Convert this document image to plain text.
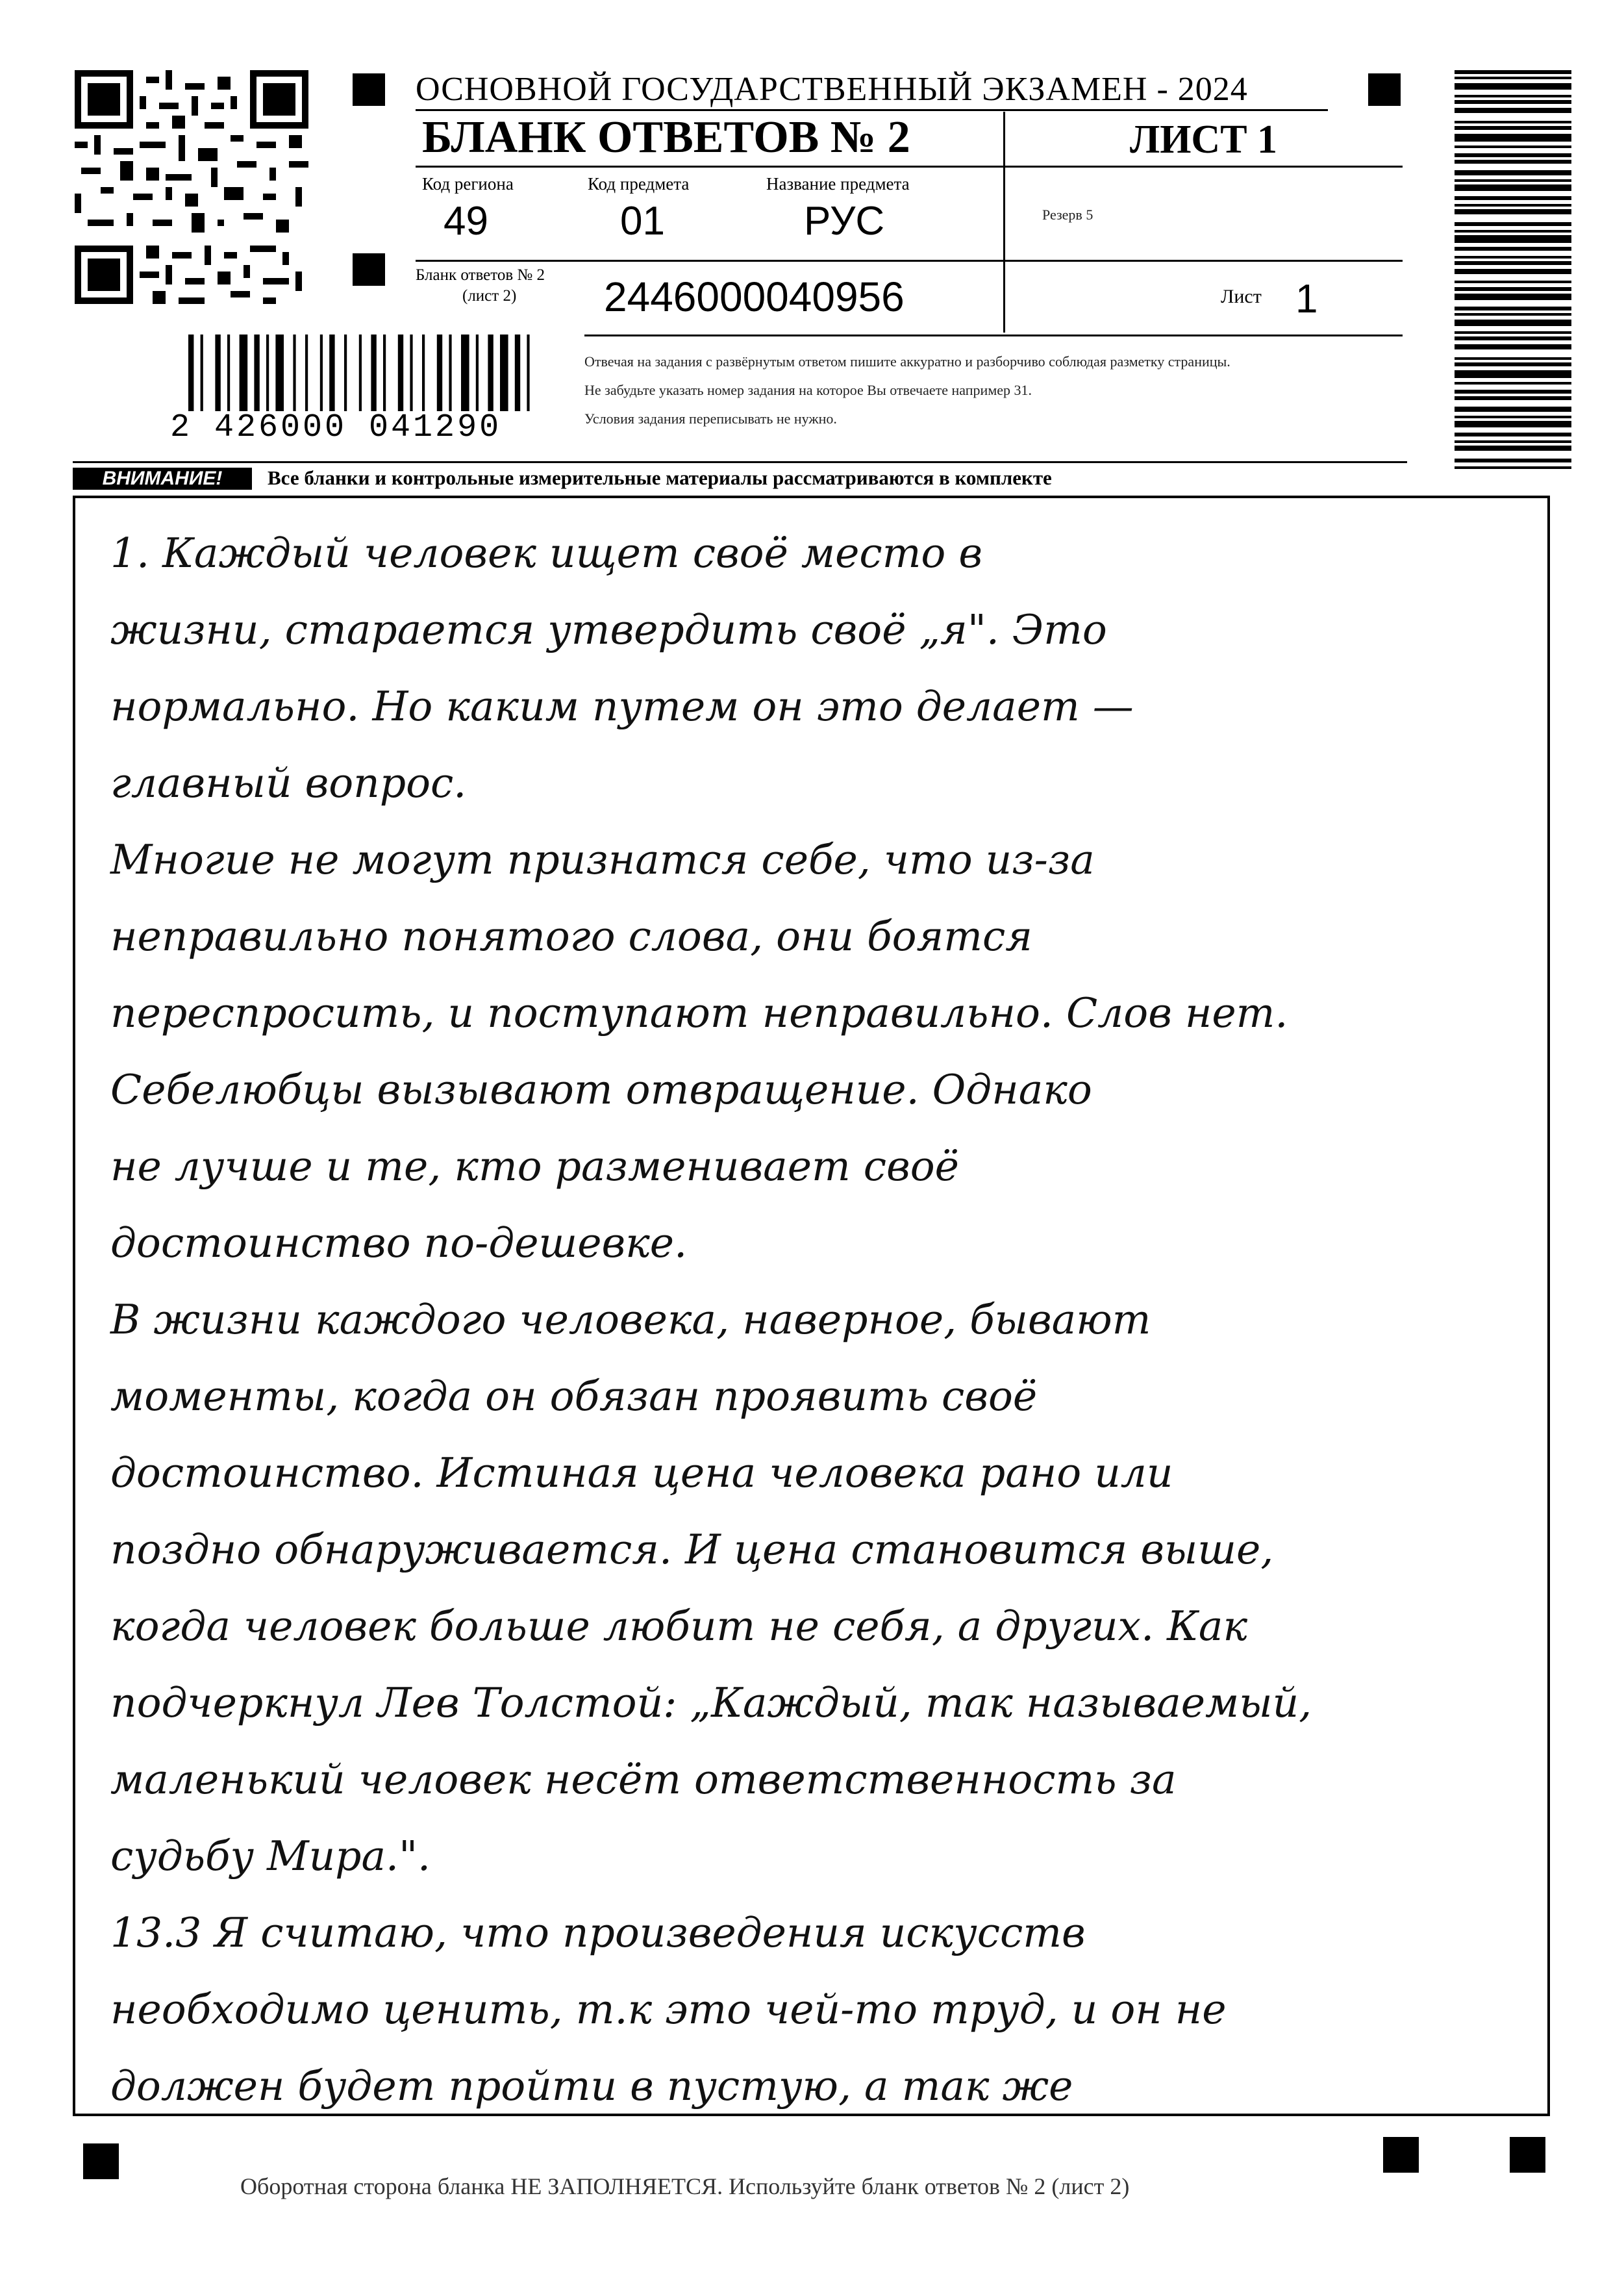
ОСНОВНОЙ ГОСУДАРСТВЕННЫЙ ЭКЗАМЕН - 2024
БЛАНК ОТВЕТОВ № 2	ЛИСТ 1
Код региона
49
Код предмета
01
Название предмета
РУС	Резерв 5
Бланк ответов № 2
(лист 2) 2446000040956	Лист 1
2 426000 041290
Отвечая на задания с развёрнутым ответом пишите аккуратно и разборчиво соблюдая разметку страницы.
Не забудьте указать номер задания на которое Вы отвечаете например 31.
Условия задания переписывать не нужно.
ВНИМАНИЕ!	Все бланки и контрольные измерительные материалы рассматриваются в комплекте
1. Каждый человек ищет своё место в
жизни, старается утвердить своё „я". Это
нормально. Но каким путем он это делает —
главный вопрос.
Многие не могут признатся себе, что из-за
неправильно понятого слова, они боятся
переспросить, и поступают неправильно. Слов нет.
Себелюбцы вызывают отвращение. Однако
не лучше и те, кто разменивает своё
достоинство по-дешевке.
В жизни каждого человека, наверное, бывают
моменты, когда он обязан проявить своё
достоинство. Истиная цена человека рано или
поздно обнаруживается. И цена становится выше,
когда человек больше любит не себя, а других. Как
подчеркнул Лев Толстой: „Каждый, так называемый,
маленький человек несёт ответственность за
судьбу Мира.".
13.3 Я считаю, что произведения искусств
необходимо ценить, т.к это чей-то труд, и он не
должен будет пройти в пустую, а так же
Оборотная сторона бланка НЕ ЗАПОЛНЯЕТСЯ. Используйте бланк ответов № 2 (лист 2)
